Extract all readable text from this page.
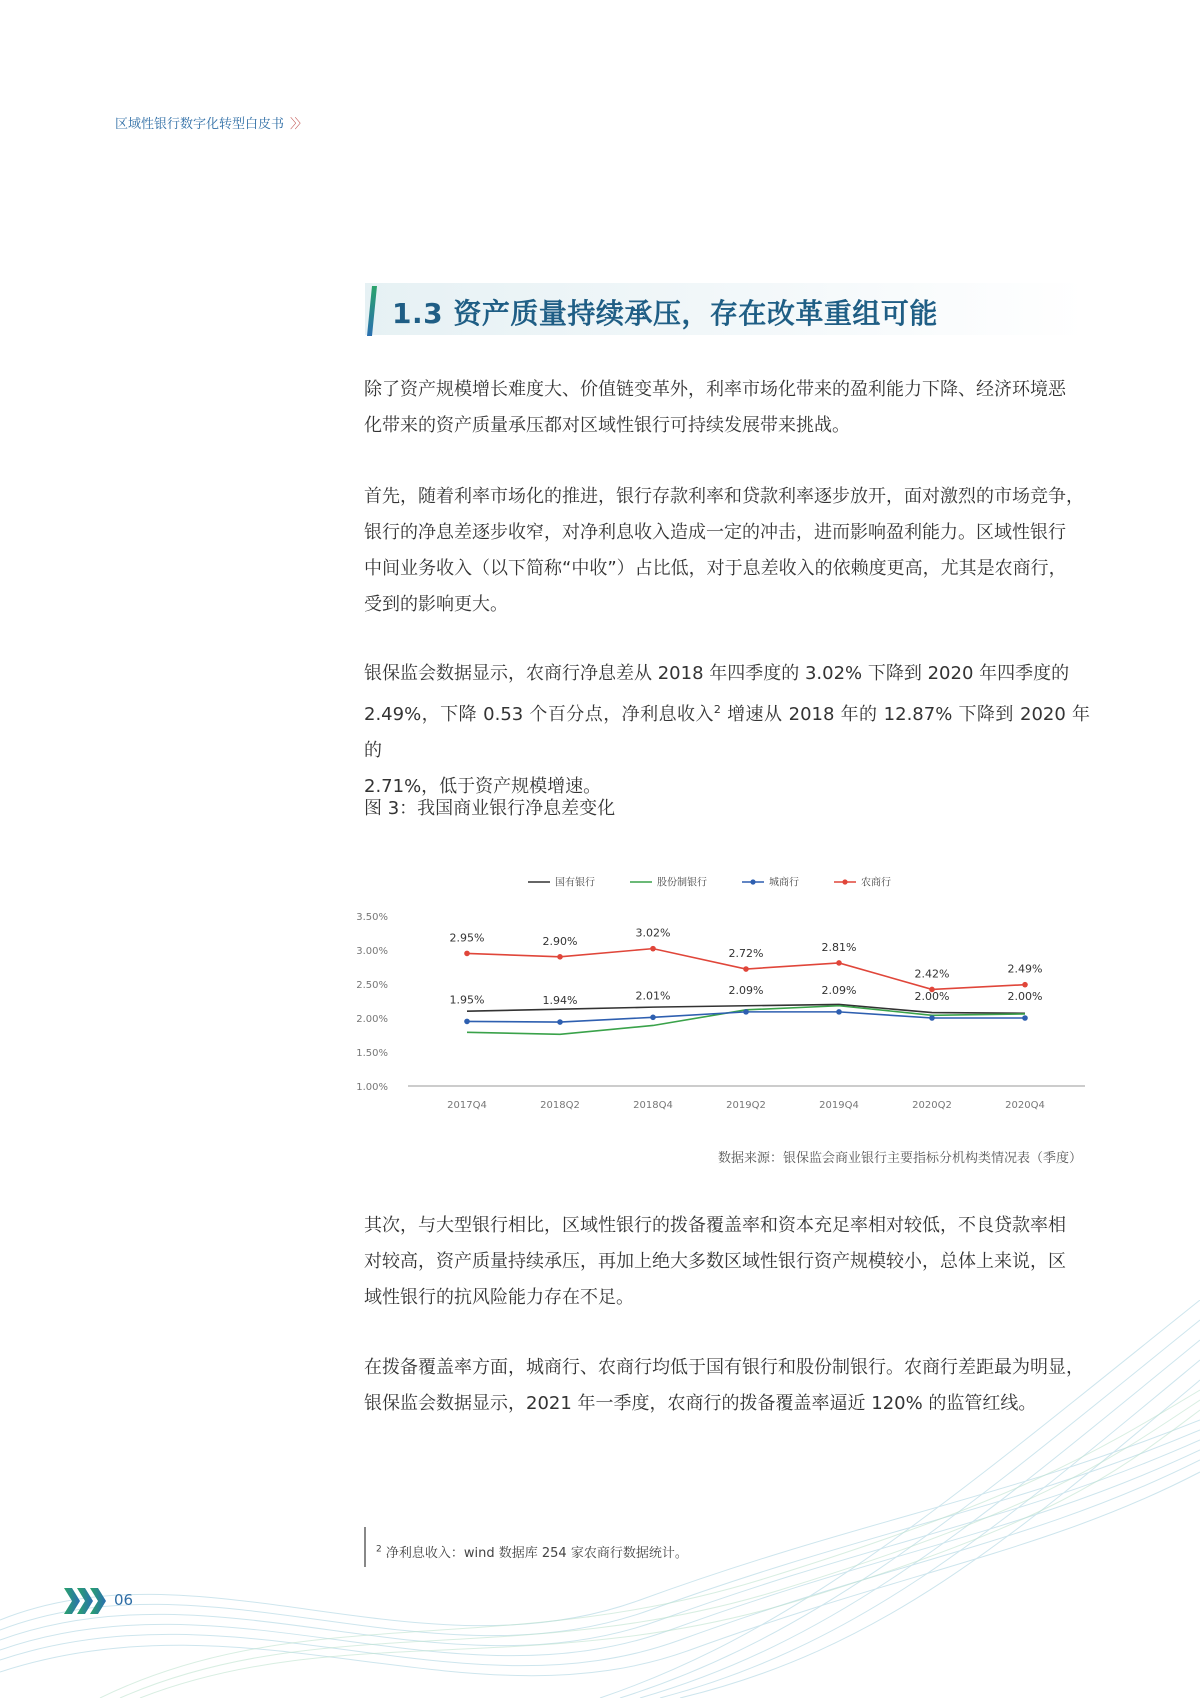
区域性银行数字化转型白皮书 〉〉
1.3 资产质量持续承压，存在改革重组可能
除了资产规模增长难度大、价值链变革外，利率市场化带来的盈利能力下降、经济环境恶
化带来的资产质量承压都对区域性银行可持续发展带来挑战。
首先，随着利率市场化的推进，银行存款利率和贷款利率逐步放开，面对激烈的市场竞争，
银行的净息差逐步收窄，对净利息收入造成一定的冲击，进而影响盈利能力。区域性银行
中间业务收入（以下简称“中收”）占比低，对于息差收入的依赖度更高，尤其是农商行，
受到的影响更大。
银保监会数据显示，农商行净息差从 2018 年四季度的 3.02% 下降到 2020 年四季度的
2.49%，下降 0.53 个百分点，净利息收入$^2$ 增速从 2018 年的 12.87% 下降到 2020 年的
2.71%，低于资产规模增速。
图 3：我国商业银行净息差变化
3.50%
3.00%
2.50%
2.00%
1.50%
1.00%
2017Q4	2018Q2	2018Q4	2019Q2	2019Q4	2020Q2	2020Q4
国有银行	股份制银行	城商行	农商行
1.95%	1.94%	2.01%	2.09%	2.09%	2.00%	2.00%
2.95%	2.90%
3.02%
2.72%	2.81%
2.42%	2.49%
数据来源：银保监会商业银行主要指标分机构类情况表（季度）
其次，与大型银行相比，区域性银行的拨备覆盖率和资本充足率相对较低，不良贷款率相
对较高，资产质量持续承压，再加上绝大多数区域性银行资产规模较小，总体上来说，区
域性银行的抗风险能力存在不足。
在拨备覆盖率方面，城商行、农商行均低于国有银行和股份制银行。农商行差距最为明显，
银保监会数据显示，2021 年一季度，农商行的拨备覆盖率逼近 120% 的监管红线。
$^2$ 净利息收入：wind 数据库 254 家农商行数据统计。
06
